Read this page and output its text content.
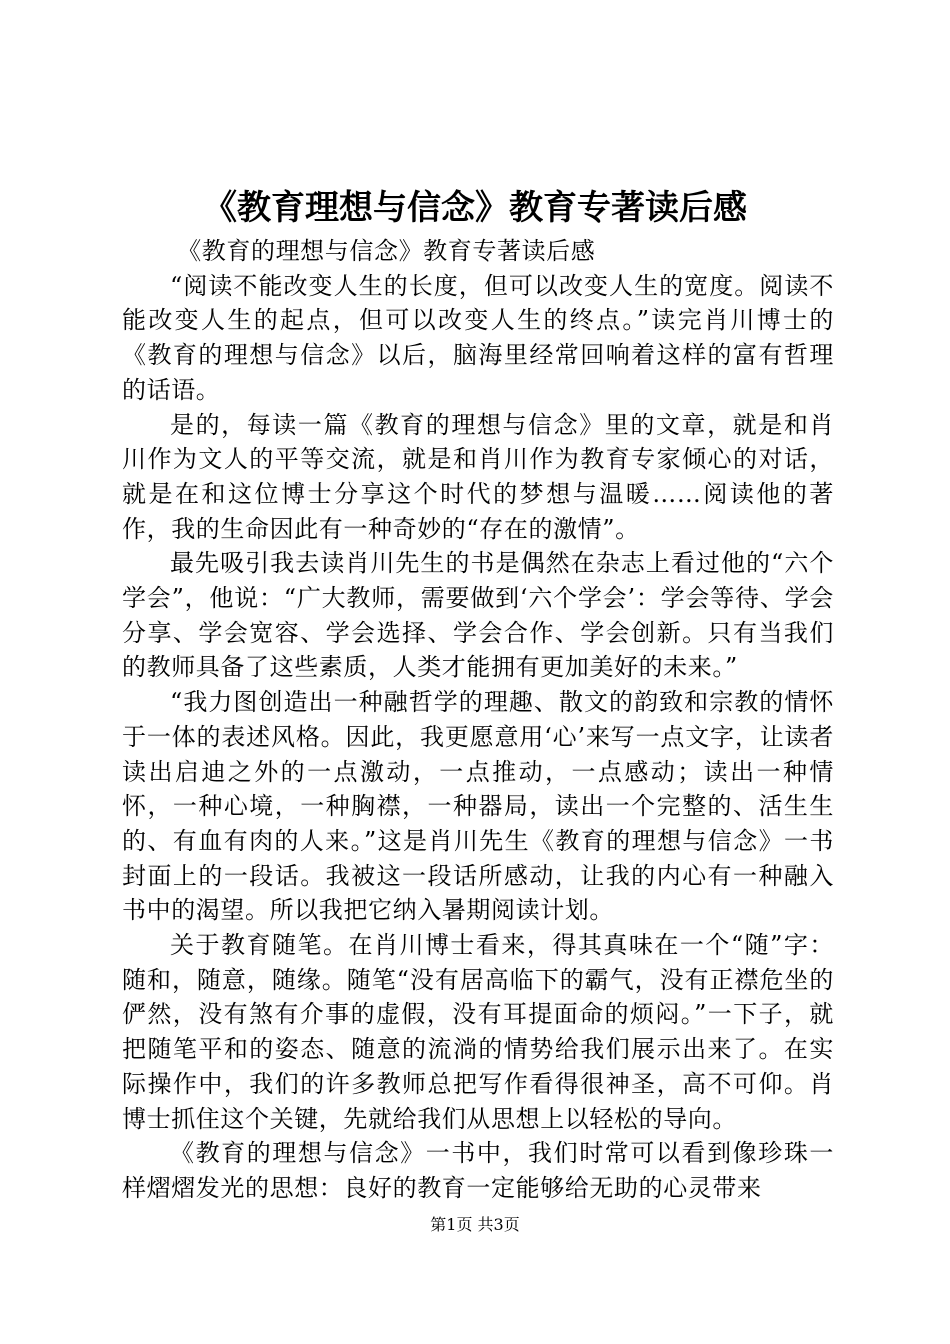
《教育理想与信念》教育专著读后感

《教育的理想与信念》教育专著读后感

“阅读不能改变人生的长度，但可以改变人生的宽度。阅读不能改变人生的起点，但可以改变人生的终点。”读完肖川博士的《教育的理想与信念》以后，脑海里经常回响着这样的富有哲理的话语。

是的，每读一篇《教育的理想与信念》里的文章，就是和肖川作为文人的平等交流，就是和肖川作为教育专家倾心的对话，就是在和这位博士分享这个时代的梦想与温暖……阅读他的著作，我的生命因此有一种奇妙的“存在的激情”。

最先吸引我去读肖川先生的书是偶然在杂志上看过他的“六个学会”，他说：“广大教师，需要做到‘六个学会’：学会等待、学会分享、学会宽容、学会选择、学会合作、学会创新。只有当我们的教师具备了这些素质，人类才能拥有更加美好的未来。”

“我力图创造出一种融哲学的理趣、散文的韵致和宗教的情怀于一体的表述风格。因此，我更愿意用‘心’来写一点文字，让读者读出启迪之外的一点激动，一点推动，一点感动；读出一种情怀，一种心境，一种胸襟，一种器局，读出一个完整的、活生生的、有血有肉的人来。”这是肖川先生《教育的理想与信念》一书封面上的一段话。我被这一段话所感动，让我的内心有一种融入书中的渴望。所以我把它纳入暑期阅读计划。

关于教育随笔。在肖川博士看来，得其真味在一个“随”字：随和，随意，随缘。随笔“没有居高临下的霸气，没有正襟危坐的俨然，没有煞有介事的虚假，没有耳提面命的烦闷。”一下子，就把随笔平和的姿态、随意的流淌的情势给我们展示出来了。在实际操作中，我们的许多教师总把写作看得很神圣，高不可仰。肖博士抓住这个关键，先就给我们从思想上以轻松的导向。

《教育的理想与信念》一书中，我们时常可以看到像珍珠一样熠熠发光的思想：良好的教育一定能够给无助的心灵带来

第1页 共3页
